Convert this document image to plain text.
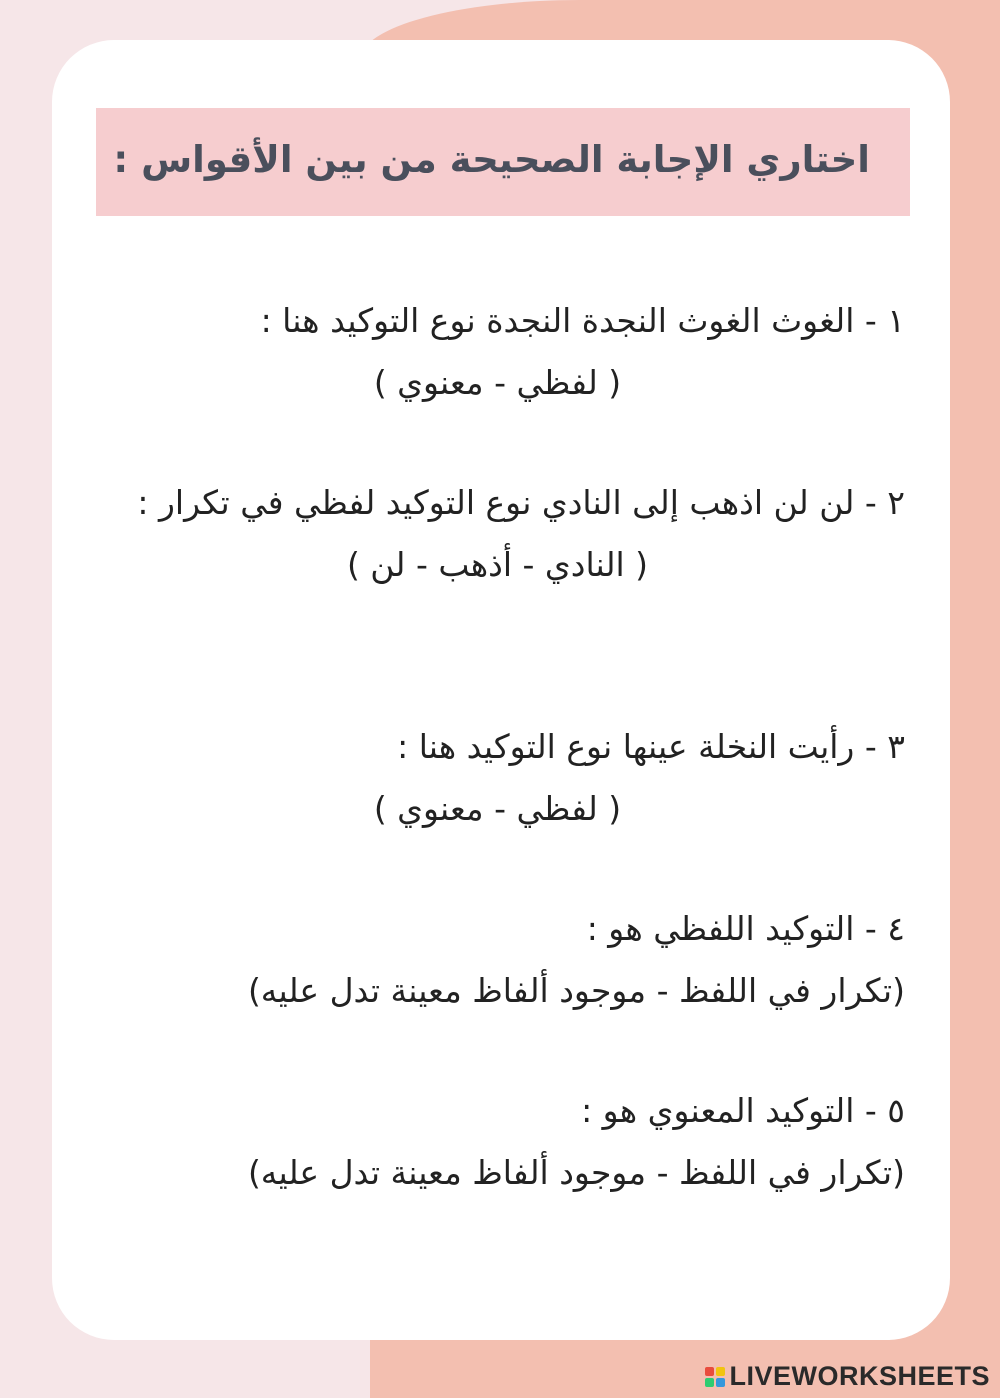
اختاري الإجابة الصحيحة من بين الأقواس :
١ - الغوث الغوث النجدة النجدة نوع التوكيد هنا :
( لفظي - معنوي )
٢ - لن لن اذهب إلى النادي نوع التوكيد لفظي في تكرار :
( النادي - أذهب - لن )
٣ - رأيت النخلة عينها نوع التوكيد هنا :
( لفظي - معنوي )
٤ - التوكيد اللفظي هو :
(تكرار في اللفظ - موجود ألفاظ معينة تدل عليه)
٥ - التوكيد المعنوي هو :
(تكرار في اللفظ - موجود ألفاظ معينة تدل عليه)
LIVEWORKSHEETS
